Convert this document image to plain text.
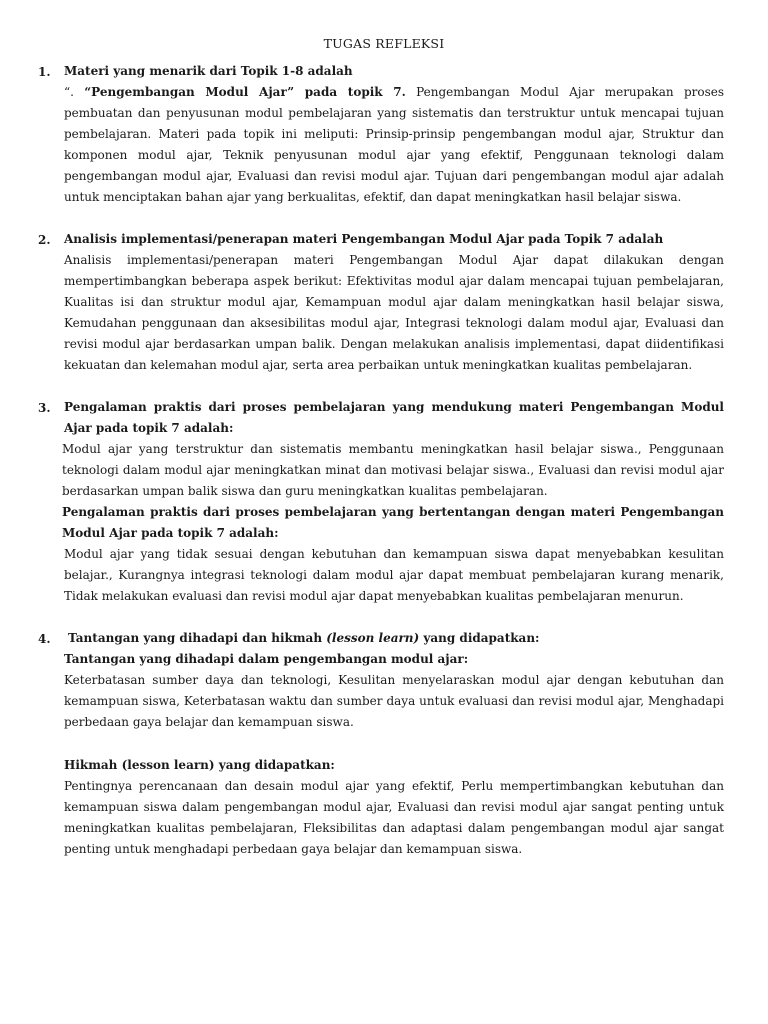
TUGAS REFLEKSI
1. Materi yang menarik dari Topik 1-8 adalah
“. “Pengembangan Modul Ajar” pada topik 7. Pengembangan Modul Ajar merupakan proses pembuatan dan penyusunan modul pembelajaran yang sistematis dan terstruktur untuk mencapai tujuan pembelajaran. Materi pada topik ini meliputi: Prinsip-prinsip pengembangan modul ajar, Struktur dan komponen modul ajar, Teknik penyusunan modul ajar yang efektif, Penggunaan teknologi dalam pengembangan modul ajar, Evaluasi dan revisi modul ajar. Tujuan dari pengembangan modul ajar adalah untuk menciptakan bahan ajar yang berkualitas, efektif, dan dapat meningkatkan hasil belajar siswa.
2. Analisis implementasi/penerapan materi Pengembangan Modul Ajar pada Topik 7 adalah
Analisis implementasi/penerapan materi Pengembangan Modul Ajar dapat dilakukan dengan mempertimbangkan beberapa aspek berikut: Efektivitas modul ajar dalam mencapai tujuan pembelajaran, Kualitas isi dan struktur modul ajar, Kemampuan modul ajar dalam meningkatkan hasil belajar siswa, Kemudahan penggunaan dan aksesibilitas modul ajar, Integrasi teknologi dalam modul ajar, Evaluasi dan revisi modul ajar berdasarkan umpan balik. Dengan melakukan analisis implementasi, dapat diidentifikasi kekuatan dan kelemahan modul ajar, serta area perbaikan untuk meningkatkan kualitas pembelajaran.
3. Pengalaman praktis dari proses pembelajaran yang mendukung materi Pengembangan Modul Ajar pada topik 7 adalah:
Modul ajar yang terstruktur dan sistematis membantu meningkatkan hasil belajar siswa., Penggunaan teknologi dalam modul ajar meningkatkan minat dan motivasi belajar siswa., Evaluasi dan revisi modul ajar berdasarkan umpan balik siswa dan guru meningkatkan kualitas pembelajaran.
Pengalaman praktis dari proses pembelajaran yang bertentangan dengan materi Pengembangan Modul Ajar pada topik 7 adalah:
Modul ajar yang tidak sesuai dengan kebutuhan dan kemampuan siswa dapat menyebabkan kesulitan belajar., Kurangnya integrasi teknologi dalam modul ajar dapat membuat pembelajaran kurang menarik, Tidak melakukan evaluasi dan revisi modul ajar dapat menyebabkan kualitas pembelajaran menurun.
4. Tantangan yang dihadapi dan hikmah (lesson learn) yang didapatkan:
Tantangan yang dihadapi dalam pengembangan modul ajar:
Keterbatasan sumber daya dan teknologi, Kesulitan menyelaraskan modul ajar dengan kebutuhan dan kemampuan siswa, Keterbatasan waktu dan sumber daya untuk evaluasi dan revisi modul ajar, Menghadapi perbedaan gaya belajar dan kemampuan siswa.
Hikmah (lesson learn) yang didapatkan:
Pentingnya perencanaan dan desain modul ajar yang efektif, Perlu mempertimbangkan kebutuhan dan kemampuan siswa dalam pengembangan modul ajar, Evaluasi dan revisi modul ajar sangat penting untuk meningkatkan kualitas pembelajaran, Fleksibilitas dan adaptasi dalam pengembangan modul ajar sangat penting untuk menghadapi perbedaan gaya belajar dan kemampuan siswa.
